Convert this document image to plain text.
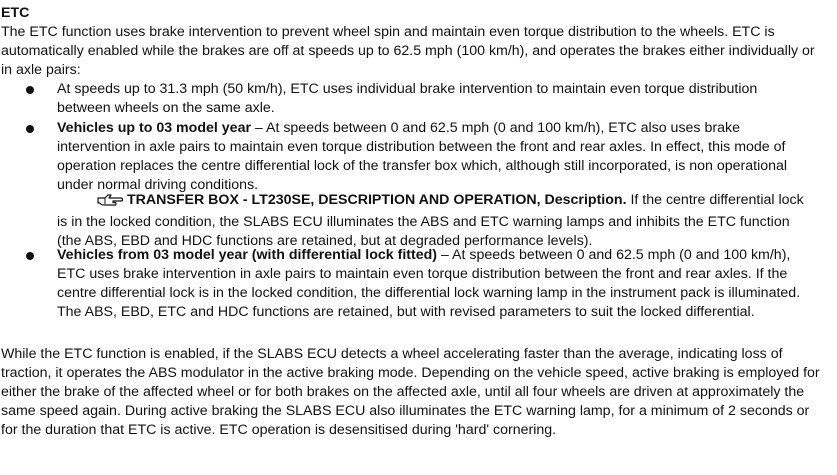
ETC
The ETC function uses brake intervention to prevent wheel spin and maintain even torque distribution to the wheels. ETC is automatically enabled while the brakes are off at speeds up to 62.5 mph (100 km/h), and operates the brakes either individually or in axle pairs:
At speeds up to 31.3 mph (50 km/h), ETC uses individual brake intervention to maintain even torque distribution between wheels on the same axle.
Vehicles up to 03 model year – At speeds between 0 and 62.5 mph (0 and 100 km/h), ETC also uses brake intervention in axle pairs to maintain even torque distribution between the front and rear axles. In effect, this mode of operation replaces the centre differential lock of the transfer box which, although still incorporated, is non operational under normal driving conditions.
TRANSFER BOX - LT230SE, DESCRIPTION AND OPERATION, Description. If the centre differential lock is in the locked condition, the SLABS ECU illuminates the ABS and ETC warning lamps and inhibits the ETC function (the ABS, EBD and HDC functions are retained, but at degraded performance levels).
Vehicles from 03 model year (with differential lock fitted) – At speeds between 0 and 62.5 mph (0 and 100 km/h), ETC uses brake intervention in axle pairs to maintain even torque distribution between the front and rear axles. If the centre differential lock is in the locked condition, the differential lock warning lamp in the instrument pack is illuminated. The ABS, EBD, ETC and HDC functions are retained, but with revised parameters to suit the locked differential.
While the ETC function is enabled, if the SLABS ECU detects a wheel accelerating faster than the average, indicating loss of traction, it operates the ABS modulator in the active braking mode. Depending on the vehicle speed, active braking is employed for either the brake of the affected wheel or for both brakes on the affected axle, until all four wheels are driven at approximately the same speed again. During active braking the SLABS ECU also illuminates the ETC warning lamp, for a minimum of 2 seconds or for the duration that ETC is active. ETC operation is desensitised during 'hard' cornering.
